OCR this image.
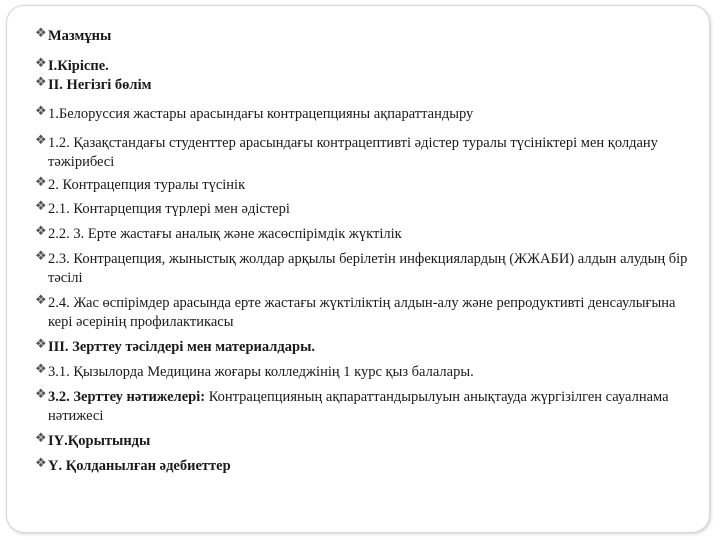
❖ Мазмұны
❖ І.Кіріспе.
❖ ІІ. Негізгі бөлім
❖ 1.Белоруссия жастары арасындағы контрацепцияны ақпараттандыру
❖ 1.2. Қазақстандағы студенттер арасындағы контрацептивті әдістер туралы түсініктері мен қолдану тәжірибесі
❖ 2. Контрацепция туралы түсінік
❖ 2.1. Контарцепция түрлері мен әдістері
❖ 2.2. 3. Ерте жастағы аналық және жасөспірімдік жүктілік
❖ 2.3. Контрацепция, жыныстық жолдар арқылы берілетін инфекциялардың (ЖЖАБИ) алдын алудың бір тәсілі
❖ 2.4. Жас өспірімдер арасында ерте жастағы жүктіліктің алдын-алу және репродуктивті денсаулығына кері әсерінің профилактикасы
❖ ІІІ. Зерттеу тәсілдері мен материалдары.
❖ 3.1. Қызылорда Медицина жоғары колледжінің 1 курс қыз балалары.
❖ 3.2. Зерттеу нәтижелері: Контрацепцияның ақпараттандырылуын анықтауда жүргізілген сауалнама нәтижесі
❖ ІҮ.Қорытынды
❖ Ү. Қолданылған әдебиеттер
